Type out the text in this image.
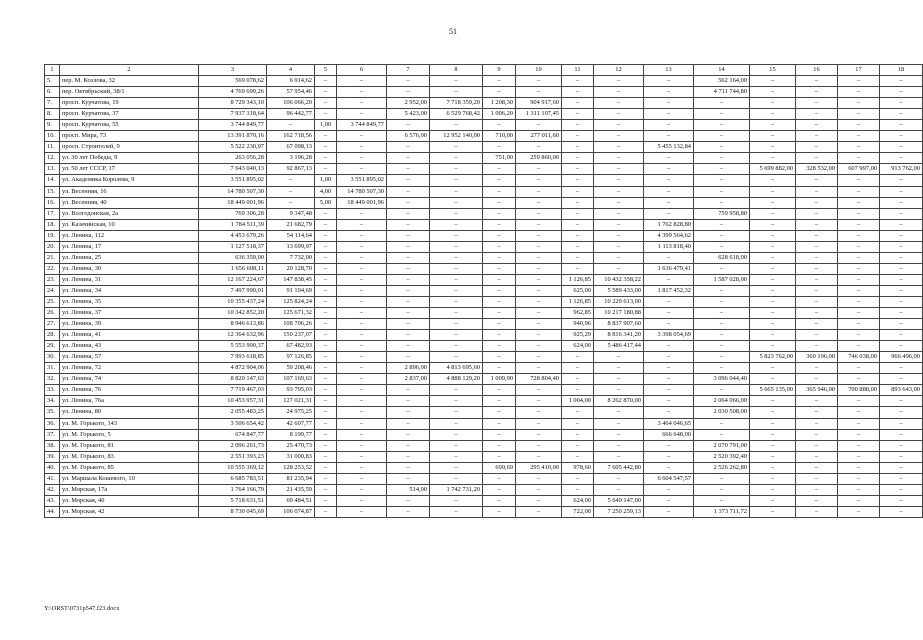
51
1	2	3	4	5	6	7	8	9	10	11	12	13	14	15	16	17	18
5.	пер. М. Козлова, 32	569 078,62	6 914,62	–	–	–	–	–	–	–	–	–	562 164,00	–	–	–	–
6.	пер. Октябрьский, 38/1	4 769 699,26	57 954,46	–	–	–	–	–	–	–	–	–	4 711 744,80	–	–	–	–
7.	просп. Курчатова, 19	8 729 343,10	106 066,20	–	–	2 952,00	7 718 359,20	1 208,30	904 917,60	–	–	–	–	–	–	–	–
8.	просп. Курчатова, 37	7 937 318,64	96 442,77	–	–	5 423,00	6 529 768,42	1 006,20	1 311 107,45	–	–	–	–	–	–	–	–
9.	просп. Курчатова, 55	3 744 849,77	–	1,00	3 744 849,77	–	–	–	–	–	–	–	–	–	–	–	–
10.	просп. Мира, 73	13 391 870,16	162 718,56	–	–	6 576,00	12 952 140,00	710,00	277 011,60	–	–	–	–	–	–	–	–
11.	просп. Строителей, 9	5 522 230,97	67 098,13	–	–	–	–	–	–	–	–	5 455 132,84	–	–	–	–	–
12.	ул. 30 лет Победы, 9	263 056,28	3 196,28	–	–	–	–	751,00	259 860,00	–	–	–	–	–	–	–	–
13.	ул. 50 лет СССР, 17	7 643 040,13	92 867,13	–	–	–	–	–	–	–	–	–	–	5 699 882,00	328 532,00	607 997,00	913 762,00
14.	ул. Академика Королева, 9	3 551 895,02	–	1,00	3 551 895,02	–	–	–	–	–	–	–	–	–	–	–	–
15.	ул. Весенняя, 16	14 780 507,30	–	4,00	14 780 507,30	–	–	–	–	–	–	–	–	–	–	–	–
16.	ул. Весенняя, 40	18 449 001,96	–	5,00	18 449 001,96	–	–	–	–	–	–	–	–	–	–	–	–
17.	ул. Волгодонская, 2а	769 306,28	9 347,48	–	–	–	–	–	–	–	–	–	759 958,80	–	–	–	–
18.	ул. Казачинская, 10	1 784 511,39	21 682,79	–	–	–	–	–	–	–	–	1 762 828,80	–	–	–	–	–
19.	ул. Ленина, 112	4 453 679,26	54 114,64	–	–	–	–	–	–	–	–	4 399 564,62	–	–	–	–	–
20.	ул. Ленина, 17	1 127 518,37	13 699,97	–	–	–	–	–	–	–	–	1 113 818,40	–	–	–	–	–
21.	ул. Ленина, 25	636 350,00	7 732,00	–	–	–	–	–	–	–	–	–	628 618,00	–	–	–	–
22.	ул. Ленина, 30	1 656 608,11	20 128,70	–	–	–	–	–	–	–	–	1 636 479,41	–	–	–	–	–
23.	ул. Ленина, 31	12 167 224,67	147 838,45	–	–	–	–	–	–	1 126,85	10 432 358,22	–	1 587 028,00	–	–	–	–
24.	ул. Ленина, 34	7 497 990,01	91 104,69	–	–	–	–	–	–	625,00	5 589 433,00	1 817 452,32	–	–	–	–	–
25.	ул. Ленина, 35	10 355 437,24	125 824,24	–	–	–	–	–	–	1 126,85	10 229 613,00	–	–	–	–	–	–
26.	ул. Ленина, 37	10 342 852,20	125 671,32	–	–	–	–	–	–	962,85	10 217 180,88	–	–	–	–	–	–
27.	ул. Ленина, 39	8 946 613,86	108 706,26	–	–	–	–	–	–	940,96	8 837 907,60	–	–	–	–	–	–
28.	ул. Ленина, 41	12 364 632,96	150 237,07	–	–	–	–	–	–	925,29	8 816 341,20	3 398 054,69	–	–	–	–	–
29.	ул. Ленина, 43	5 553 900,37	67 482,93	–	–	–	–	–	–	624,00	5 486 417,44	–	–	–	–	–	–
30.	ул. Ленина, 57	7 993 618,85	97 126,85	–	–	–	–	–	–	–	–	–	–	5 823 762,00	360 196,00	746 038,00	966 496,00
31.	ул. Ленина, 72	4 872 904,06	59 208,46	–	–	2 896,00	4 813 695,60	–	–	–	–	–	–	–	–	–	–
32.	ул. Ленина, 74	8 820 147,63	107 169,63	–	–	2 837,00	4 888 129,20	1 009,90	728 804,40	–	–	–	3 096 044,40	–	–	–	–
33.	ул. Ленина, 76	7 719 467,03	93 795,03	–	–	–	–	–	–	–	–	–	–	5 665 135,00	365 946,00	700 888,00	893 643,00
34.	ул. Ленина, 76а	10 453 957,31	127 021,31	–	–	–	–	–	–	1 004,00	8 262 870,00	–	2 064 066,00	–	–	–	–
35.	ул. Ленина, 80	2 055 483,25	24 975,25	–	–	–	–	–	–	–	–	–	2 030 508,00	–	–	–	–
36.	ул. М. Горького, 143	3 506 654,42	42 607,77	–	–	–	–	–	–	–	–	3 464 046,65	–	–	–	–	–
37.	ул. М. Горького, 5	674 847,77	8 199,77	–	–	–	–	–	–	–	–	666 648,00	–	–	–	–	–
38.	ул. М. Горького, 81	2 096 261,73	25 470,73	–	–	–	–	–	–	–	–	–	2 070 791,00	–	–	–	–
39.	ул. М. Горького, 83	2 551 393,23	31 000,83	–	–	–	–	–	–	–	–	–	2 520 392,40	–	–	–	–
40.	ул. М. Горького, 85	10 555 369,12	128 253,52	–	–	–	–	699,69	295 410,00	978,60	7 605 442,80	–	2 526 262,80	–	–	–	–
41.	ул. Маршала Кошевого, 10	6 685 783,51	81 235,94	–	–	–	–	–	–	–	–	6 604 547,57	–	–	–	–	–
42.	ул. Морская, 17а	1 764 166,79	21 435,59	–	–	514,00	1 742 731,20	–	–	–	–	–	–	–	–	–	–
43.	ул. Морская, 40	5 718 631,51	69 484,51	–	–	–	–	–	–	624,00	5 649 147,00	–	–	–	–	–	–
44.	ул. Морская, 42	8 730 045,69	106 074,87	–	–	–	–	–	–	722,00	7 250 259,13	–	1 373 711,72	–	–	–	–
Y:\ORST\0731p547.f23.docx
